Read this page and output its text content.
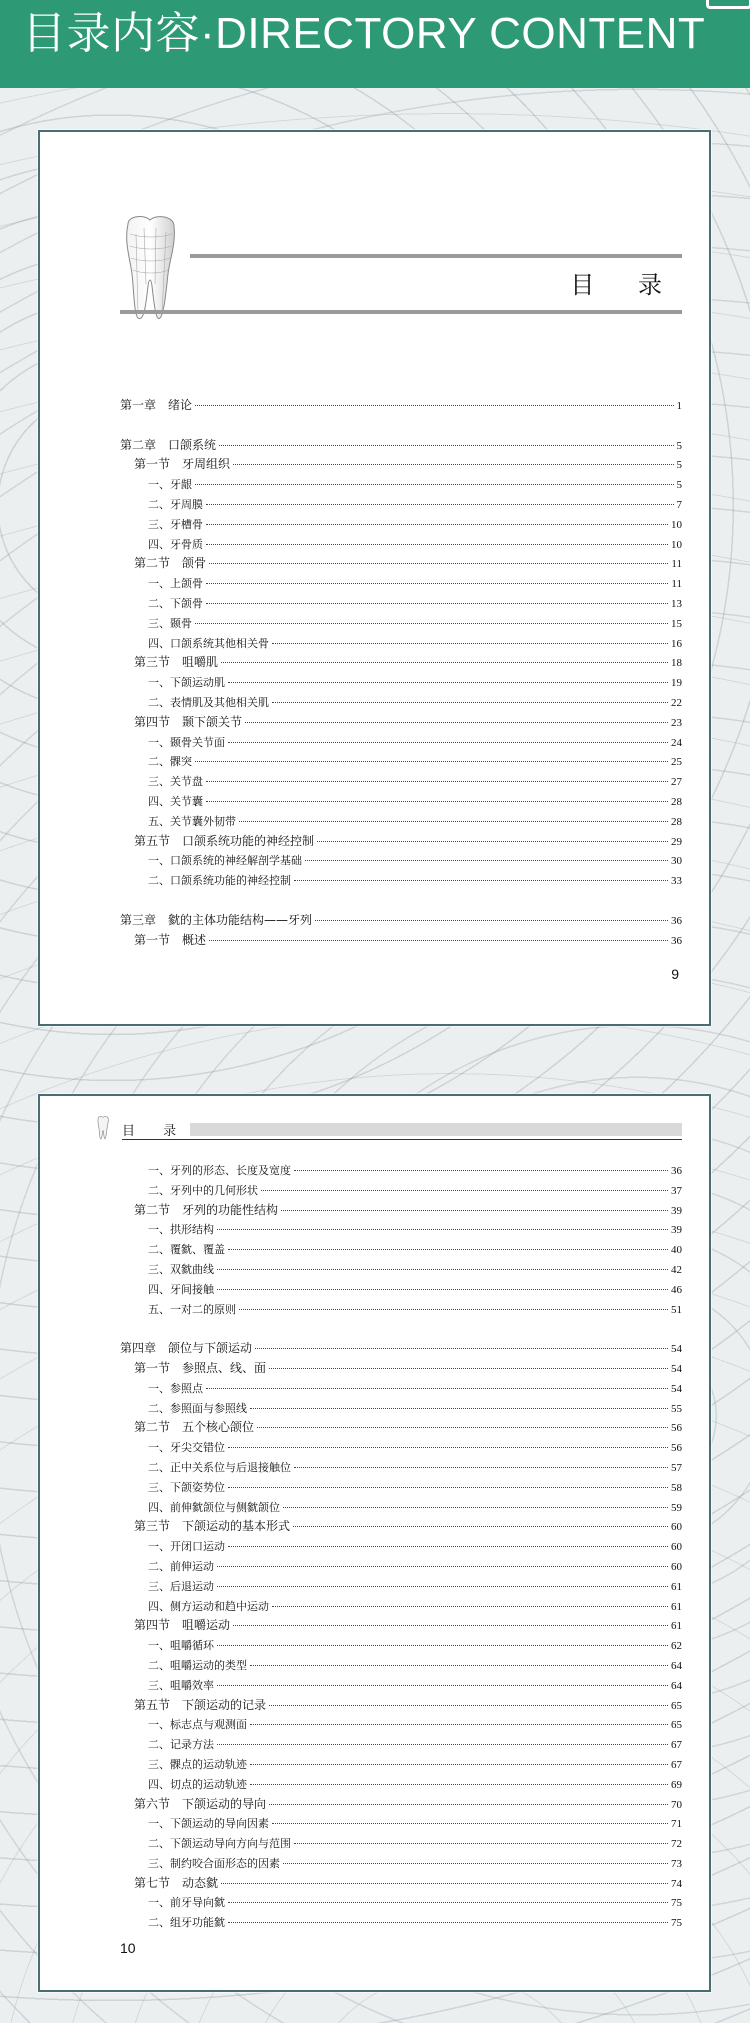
目录内容·DIRECTORY CONTENT
目 录
第一章　绪论	1
第二章　口颌系统	5
第一节　牙周组织	5
一、牙龈	5
二、牙周膜	7
三、牙槽骨	10
四、牙骨质	10
第二节　颌骨	11
一、上颌骨	11
二、下颌骨	13
三、颞骨	15
四、口颌系统其他相关骨	16
第三节　咀嚼肌	18
一、下颌运动肌	19
二、表情肌及其他相关肌	22
第四节　颞下颌关节	23
一、颞骨关节面	24
二、髁突	25
三、关节盘	27
四、关节囊	28
五、关节囊外韧带	28
第五节　口颌系统功能的神经控制	29
一、口颌系统的神经解剖学基础	30
二、口颌系统功能的神经控制	33
第三章　㓄的主体功能结构——牙列	36
第一节　概述	36
9
目 录
一、牙列的形态、长度及宽度	36
二、牙列中的几何形状	37
第二节　牙列的功能性结构	39
一、拱形结构	39
二、覆㓄、覆盖	40
三、双㓄曲线	42
四、牙间接触	46
五、一对二的原则	51
第四章　颌位与下颌运动	54
第一节　参照点、线、面	54
一、参照点	54
二、参照面与参照线	55
第二节　五个核心颌位	56
一、牙尖交错位	56
二、正中关系位与后退接触位	57
三、下颌姿势位	58
四、前伸㓄颌位与侧㓄颌位	59
第三节　下颌运动的基本形式	60
一、开闭口运动	60
二、前伸运动	60
三、后退运动	61
四、侧方运动和趋中运动	61
第四节　咀嚼运动	61
一、咀嚼循环	62
二、咀嚼运动的类型	64
三、咀嚼效率	64
第五节　下颌运动的记录	65
一、标志点与观测面	65
二、记录方法	67
三、髁点的运动轨迹	67
四、切点的运动轨迹	69
第六节　下颌运动的导向	70
一、下颌运动的导向因素	71
二、下颌运动导向方向与范围	72
三、制约咬合面形态的因素	73
第七节　动态㓄	74
一、前牙导向㓄	75
二、组牙功能㓄	75
10
